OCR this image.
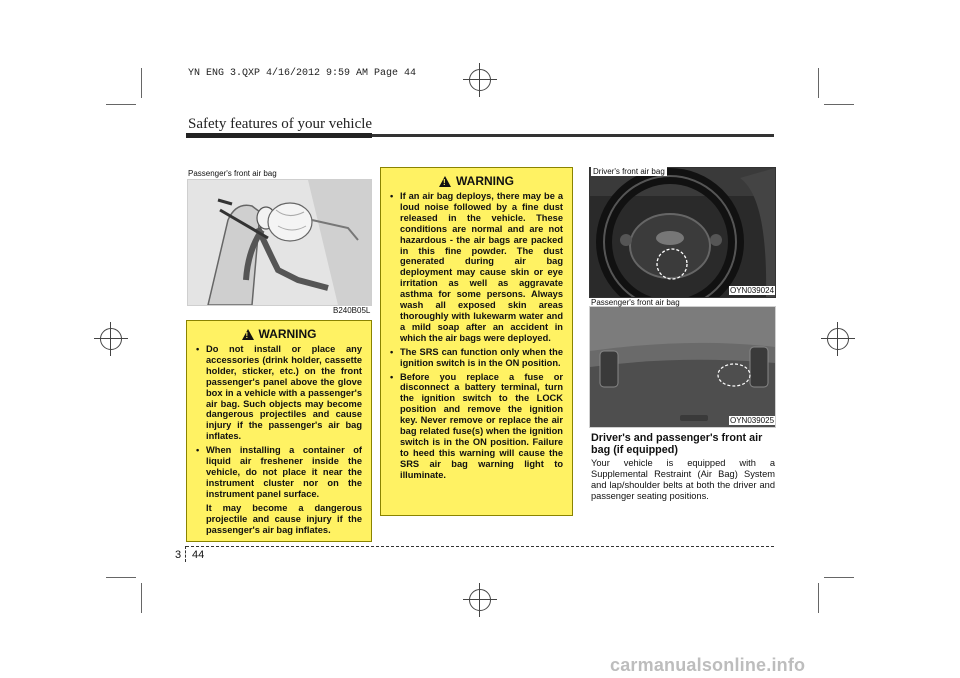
YN ENG 3.QXP 4/16/2012 9:59 AM Page 44
Safety features of your vehicle
Passenger's front air bag
B240B05L
! WARNING
• Do not install or place any accessories (drink holder, cassette holder, sticker, etc.) on the front passenger's panel above the glove box in a vehicle with a passenger's air bag. Such objects may become dangerous projectiles and cause injury if the passenger's air bag inflates.
• When installing a container of liquid air freshener inside the vehicle, do not place it near the instrument cluster nor on the instrument panel surface.

It may become a dangerous projectile and cause injury if the passenger's air bag inflates.

! WARNING
• If an air bag deploys, there may be a loud noise followed by a fine dust released in the vehicle. These conditions are normal and are not hazardous - the air bags are packed in this fine powder. The dust generated during air bag deployment may cause skin or eye irritation as well as aggravate asthma for some persons. Always wash all exposed skin areas thoroughly with lukewarm water and a mild soap after an accident in which the air bags were deployed.
• The SRS can function only when the ignition switch is in the ON position.
• Before you replace a fuse or disconnect a battery terminal, turn the ignition switch to the LOCK position and remove the ignition key. Never remove or replace the air bag related fuse(s) when the ignition switch is in the ON position. Failure to heed this warning will cause the SRS air bag warning light to illuminate.
Driver's front air bag
OYN039024
Passenger's front air bag
OYN039025
Driver's and passenger's front air bag (if equipped)
Your vehicle is equipped with a Supplemental Restraint (Air Bag) System and lap/shoulder belts at both the driver and passenger seating positions.
3 44
carmanualsonline.info
